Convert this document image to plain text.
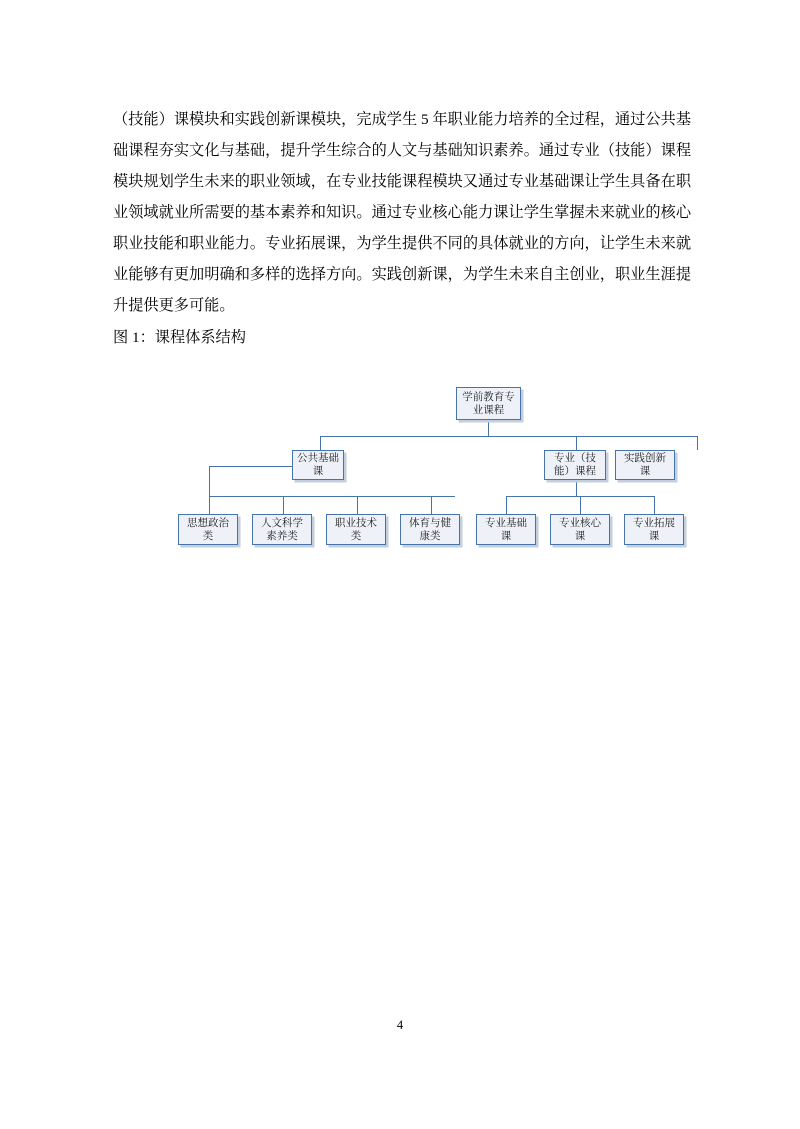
（技能）课模块和实践创新课模块，完成学生 5 年职业能力培养的全过程，通过公共基础课程夯实文化与基础，提升学生综合的人文与基础知识素养。通过专业（技能）课程模块规划学生未来的职业领域，在专业技能课程模块又通过专业基础课让学生具备在职业领域就业所需要的基本素养和知识。通过专业核心能力课让学生掌握未来就业的核心职业技能和职业能力。专业拓展课，为学生提供不同的具体就业的方向，让学生未来就业能够有更加明确和多样的选择方向。实践创新课，为学生未来自主创业，职业生涯提升提供更多可能。
图 1：课程体系结构
学前教育专业课程
公共基础课
专业（技能）课程
实践创新课
思想政治类
人文科学素养类
职业技术类
体育与健康类
专业基础课
专业核心课
专业拓展课
4
